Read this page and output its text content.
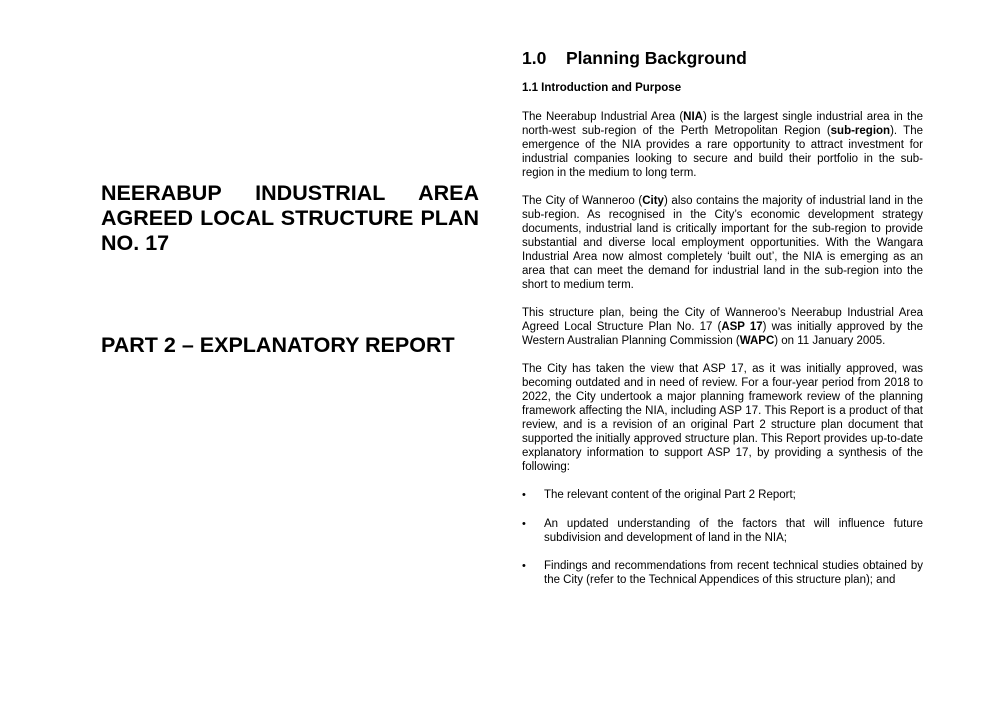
NEERABUP INDUSTRIAL AREA
AGREED LOCAL STRUCTURE PLAN
NO. 17
PART 2 – EXPLANATORY REPORT
1.0 Planning Background
1.1 Introduction and Purpose

The Neerabup Industrial Area (NIA) is the largest single industrial area in the north-west sub-region of the Perth Metropolitan Region (sub-region). The emergence of the NIA provides a rare opportunity to attract investment for industrial companies looking to secure and build their portfolio in the sub-region in the medium to long term.

The City of Wanneroo (City) also contains the majority of industrial land in the sub-region. As recognised in the City’s economic development strategy documents, industrial land is critically important for the sub-region to provide substantial and diverse local employment opportunities. With the Wangara Industrial Area now almost completely ‘built out’, the NIA is emerging as an area that can meet the demand for industrial land in the sub-region into the short to medium term.

This structure plan, being the City of Wanneroo’s Neerabup Industrial Area Agreed Local Structure Plan No. 17 (ASP 17) was initially approved by the Western Australian Planning Commission (WAPC) on 11 January 2005.

The City has taken the view that ASP 17, as it was initially approved, was becoming outdated and in need of review. For a four-year period from 2018 to 2022, the City undertook a major planning framework review of the planning framework affecting the NIA, including ASP 17. This Report is a product of that review, and is a revision of an original Part 2 structure plan document that supported the initially approved structure plan. This Report provides up-to-date explanatory information to support ASP 17, by providing a synthesis of the following:

• The relevant content of the original Part 2 Report;
• An updated understanding of the factors that will influence future subdivision and development of land in the NIA;
• Findings and recommendations from recent technical studies obtained by the City (refer to the Technical Appendices of this structure plan); and
